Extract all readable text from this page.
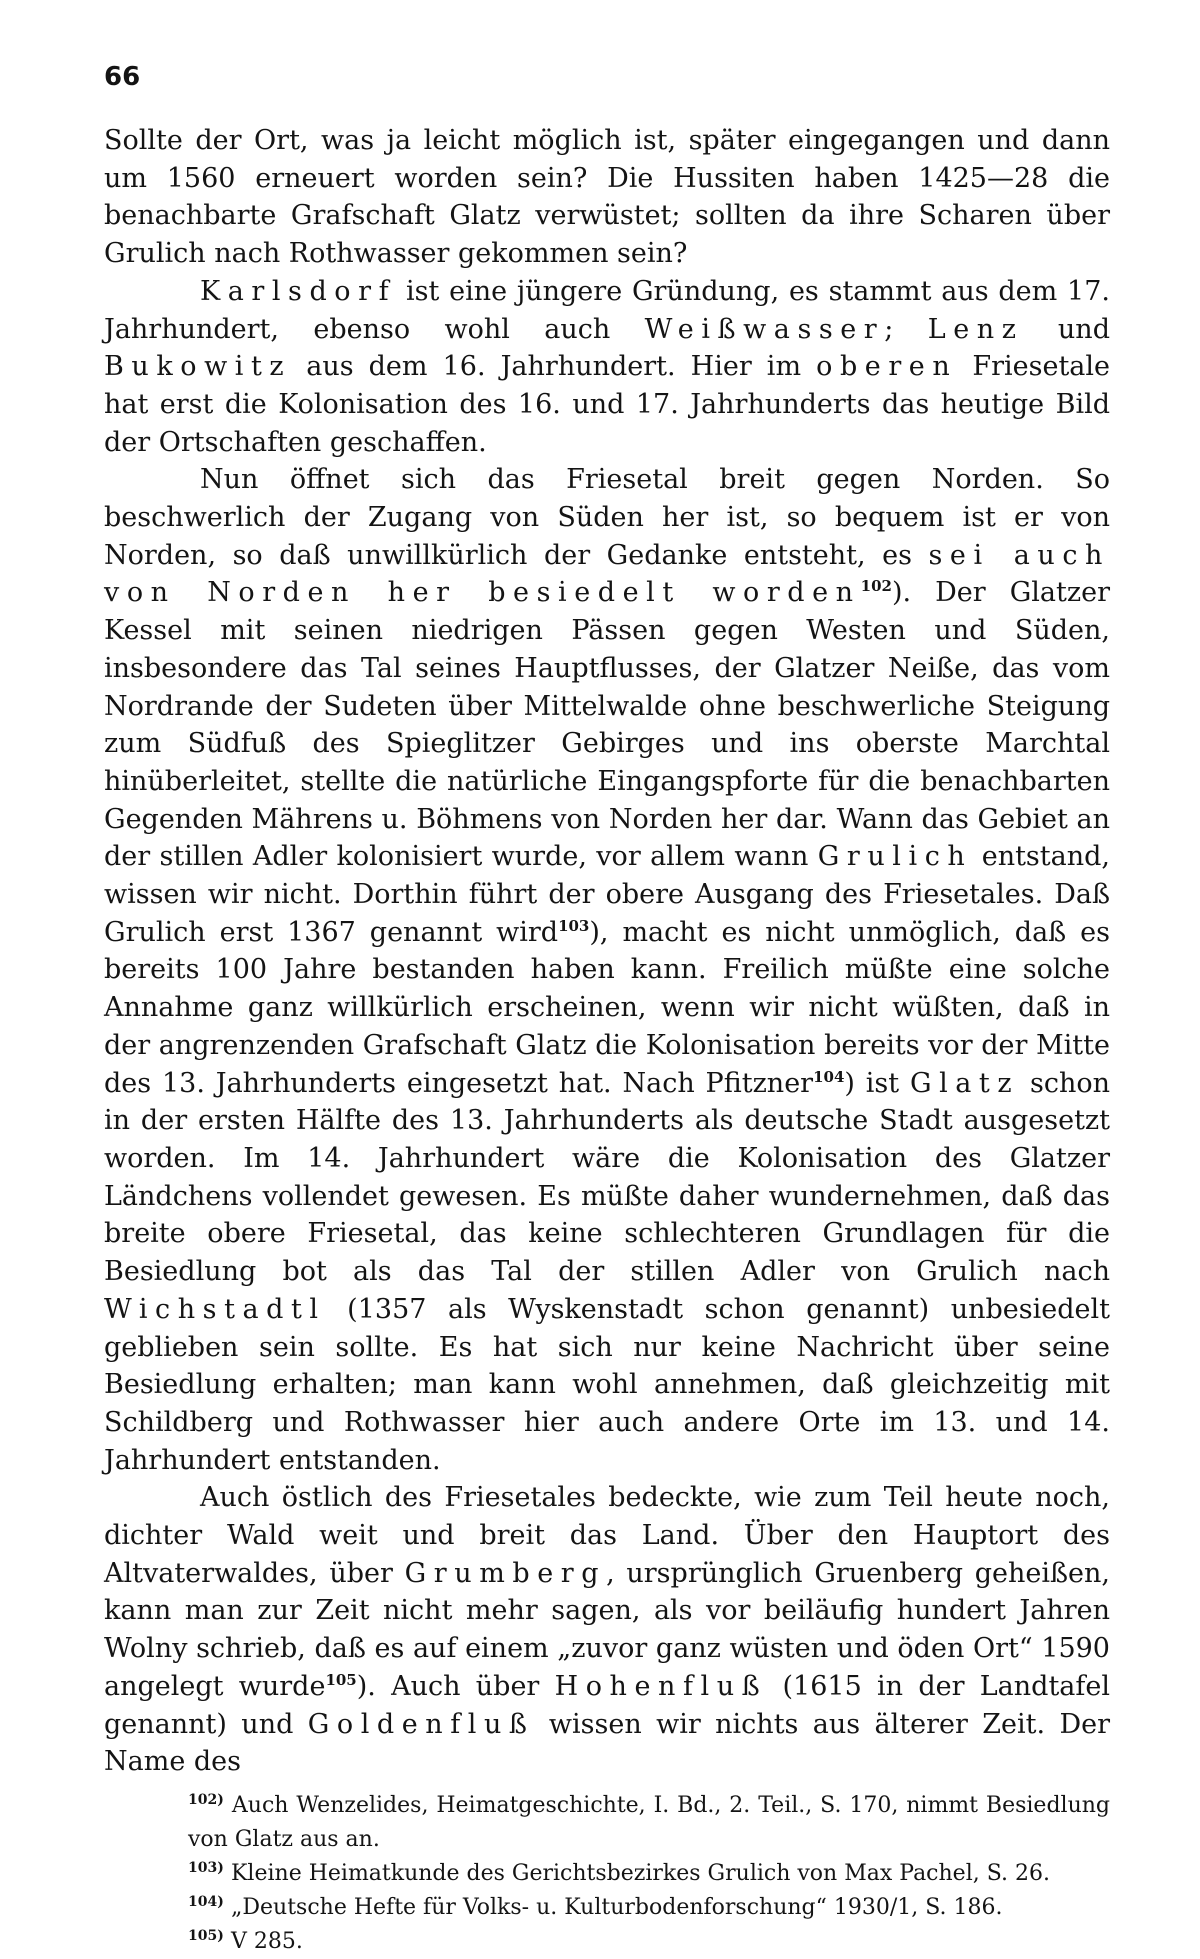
66

Sollte der Ort, was ja leicht möglich ist, später eingegangen und dann um 1560 erneuert worden sein? Die Hussiten haben 1425—28 die benachbarte Grafschaft Glatz verwüstet; sollten da ihre Scharen über Grulich nach Rothwasser gekommen sein?

Karlsdorf ist eine jüngere Gründung, es stammt aus dem 17. Jahrhundert, ebenso wohl auch Weißwasser; Lenz und Bukowitz aus dem 16. Jahrhundert. Hier im oberen Friesetale hat erst die Kolonisation des 16. und 17. Jahrhunderts das heutige Bild der Ortschaften geschaffen.

Nun öffnet sich das Friesetal breit gegen Norden. So beschwerlich der Zugang von Süden her ist, so bequem ist er von Norden, so daß unwillkürlich der Gedanke entsteht, es sei auch von Norden her besiedelt worden$^{102}$). Der Glatzer Kessel mit seinen niedrigen Pässen gegen Westen und Süden, insbesondere das Tal seines Hauptflusses, der Glatzer Neiße, das vom Nordrande der Sudeten über Mittelwalde ohne beschwerliche Steigung zum Südfuß des Spieglitzer Gebirges und ins oberste Marchtal hinüberleitet, stellte die natürliche Eingangspforte für die benachbarten Gegenden Mährens u. Böhmens von Norden her dar. Wann das Gebiet an der stillen Adler kolonisiert wurde, vor allem wann Grulich entstand, wissen wir nicht. Dorthin führt der obere Ausgang des Friesetales. Daß Grulich erst 1367 genannt wird$^{103}$), macht es nicht unmöglich, daß es bereits 100 Jahre bestanden haben kann. Freilich müßte eine solche Annahme ganz willkürlich erscheinen, wenn wir nicht wüßten, daß in der angrenzenden Grafschaft Glatz die Kolonisation bereits vor der Mitte des 13. Jahrhunderts eingesetzt hat. Nach Pfitzner$^{104}$) ist Glatz schon in der ersten Hälfte des 13. Jahrhunderts als deutsche Stadt ausgesetzt worden. Im 14. Jahrhundert wäre die Kolonisation des Glatzer Ländchens vollendet gewesen. Es müßte daher wundernehmen, daß das breite obere Friesetal, das keine schlechteren Grundlagen für die Besiedlung bot als das Tal der stillen Adler von Grulich nach Wichstadtl (1357 als Wyskenstadt schon genannt) unbesiedelt geblieben sein sollte. Es hat sich nur keine Nachricht über seine Besiedlung erhalten; man kann wohl annehmen, daß gleichzeitig mit Schildberg und Rothwasser hier auch andere Orte im 13. und 14. Jahrhundert entstanden.

Auch östlich des Friesetales bedeckte, wie zum Teil heute noch, dichter Wald weit und breit das Land. Über den Hauptort des Altvaterwaldes, über Grumberg, ursprünglich Gruenberg geheißen, kann man zur Zeit nicht mehr sagen, als vor beiläufig hundert Jahren Wolny schrieb, daß es auf einem „zuvor ganz wüsten und öden Ort“ 1590 angelegt wurde$^{105}$). Auch über Hohenfluß (1615 in der Landtafel genannt) und Goldenfluß wissen wir nichts aus älterer Zeit. Der Name des

102) Auch Wenzelides, Heimatgeschichte, I. Bd., 2. Teil., S. 170, nimmt Besiedlung von Glatz aus an.

103) Kleine Heimatkunde des Gerichtsbezirkes Grulich von Max Pachel, S. 26.

104) „Deutsche Hefte für Volks- u. Kulturbodenforschung“ 1930/1, S. 186.

105) V 285.
